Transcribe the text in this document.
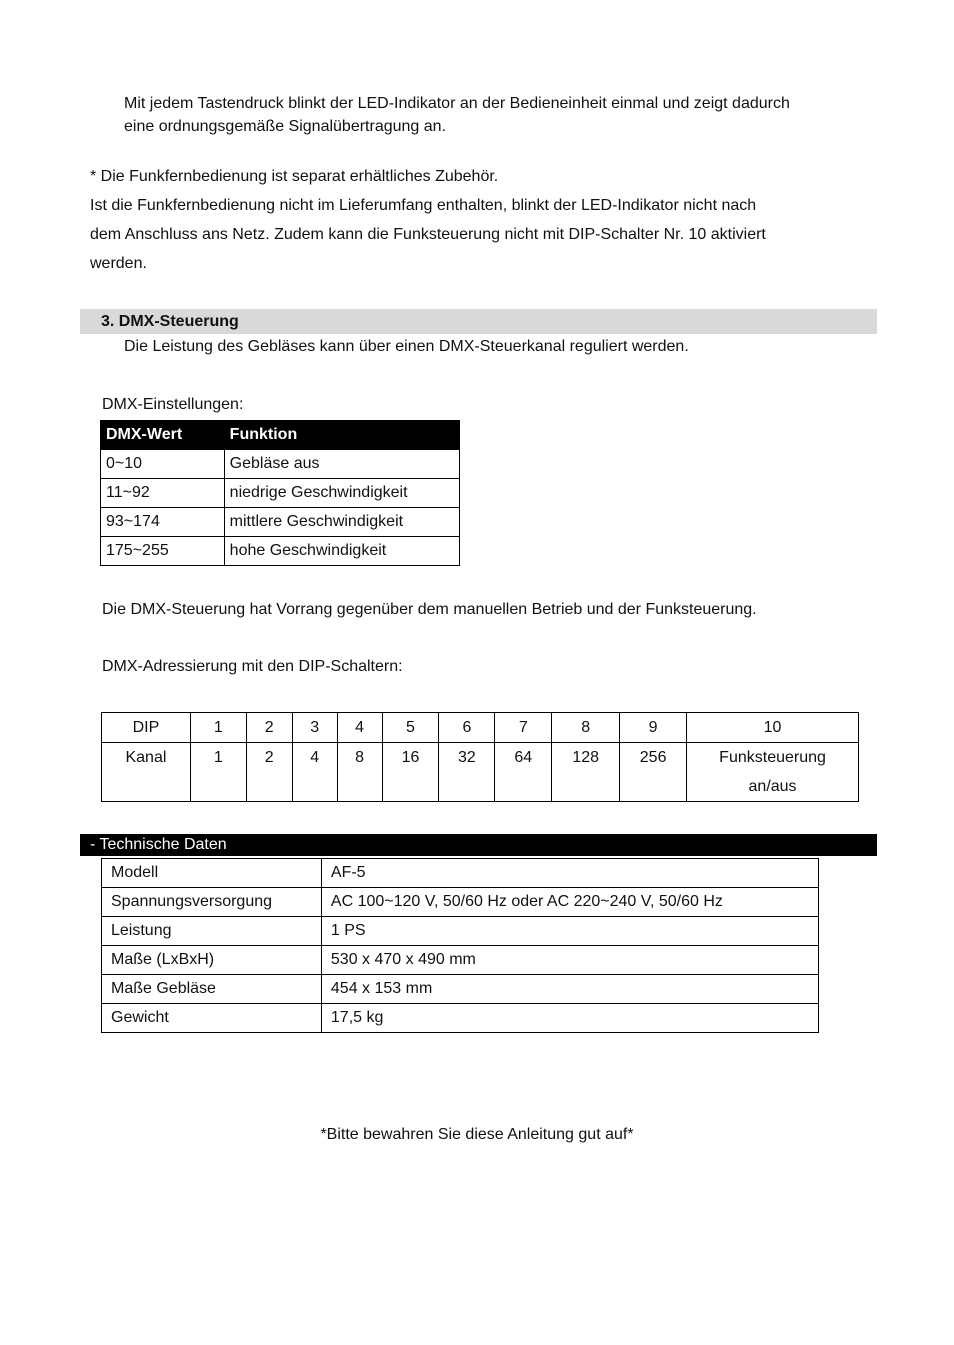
Mit jedem Tastendruck blinkt der LED-Indikator an der Bedieneinheit einmal und zeigt dadurch
eine ordnungsgemäße Signalübertragung an.
* Die Funkfernbedienung ist separat erhältliches Zubehör.
Ist die Funkfernbedienung nicht im Lieferumfang enthalten, blinkt der LED-Indikator nicht nach
dem Anschluss ans Netz. Zudem kann die Funksteuerung nicht mit DIP-Schalter Nr. 10 aktiviert
werden.
3. DMX-Steuerung
Die Leistung des Gebläses kann über einen DMX-Steuerkanal reguliert werden.
DMX-Einstellungen:
DMX-Wert	Funktion
0~10	Gebläse aus
11~92	niedrige Geschwindigkeit
93~174	mittlere Geschwindigkeit
175~255	hohe Geschwindigkeit
Die DMX-Steuerung hat Vorrang gegenüber dem manuellen Betrieb und der Funksteuerung.
DMX-Adressierung mit den DIP-Schaltern:
DIP	1	2	3	4	5	6	7	8	9	10
Kanal	1	2	4	8	16	32	64	128	256	Funksteuerung
an/aus
- Technische Daten
Modell	AF-5
Spannungsversorgung	AC 100~120 V, 50/60 Hz oder AC 220~240 V, 50/60 Hz
Leistung	1 PS
Maße (LxBxH)	530 x 470 x 490 mm
Maße Gebläse	454 x 153 mm
Gewicht	17,5 kg
*Bitte bewahren Sie diese Anleitung gut auf*
